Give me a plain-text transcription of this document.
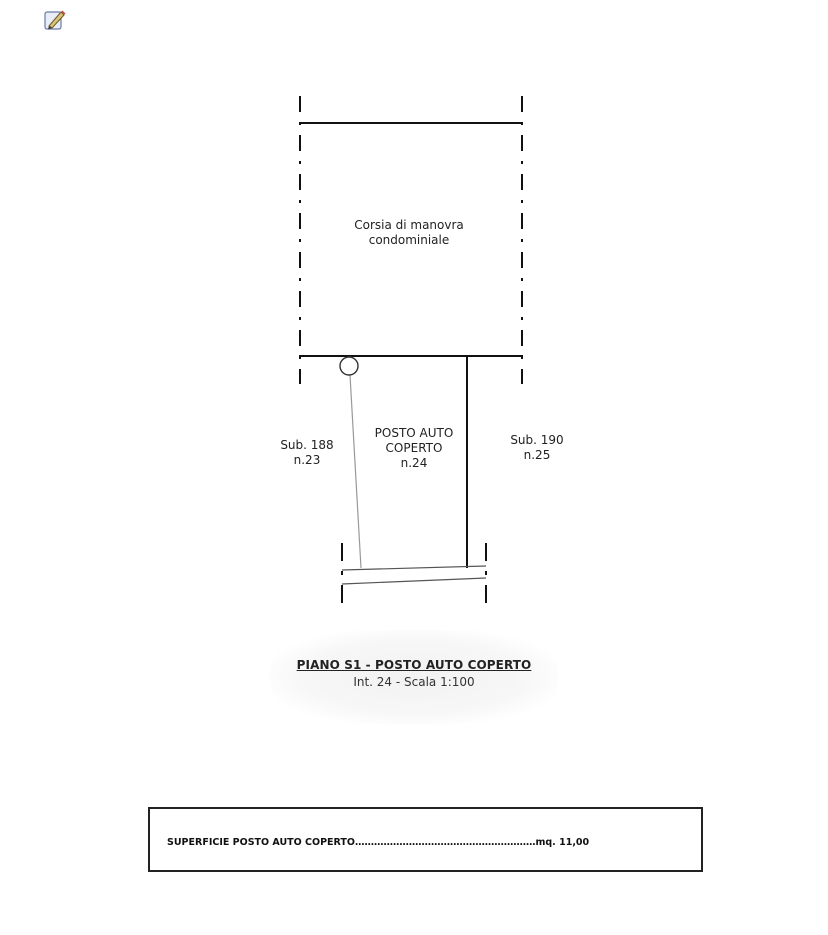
Corsia di manovra
condominiale
POSTO AUTO
COPERTO
n.24
Sub. 188
n.23
Sub. 190
n.25
PIANO S1 - POSTO AUTO COPERTO
Int. 24 - Scala 1:100
SUPERFICIE POSTO AUTO COPERTO…………………………………………………mq. 11,00
